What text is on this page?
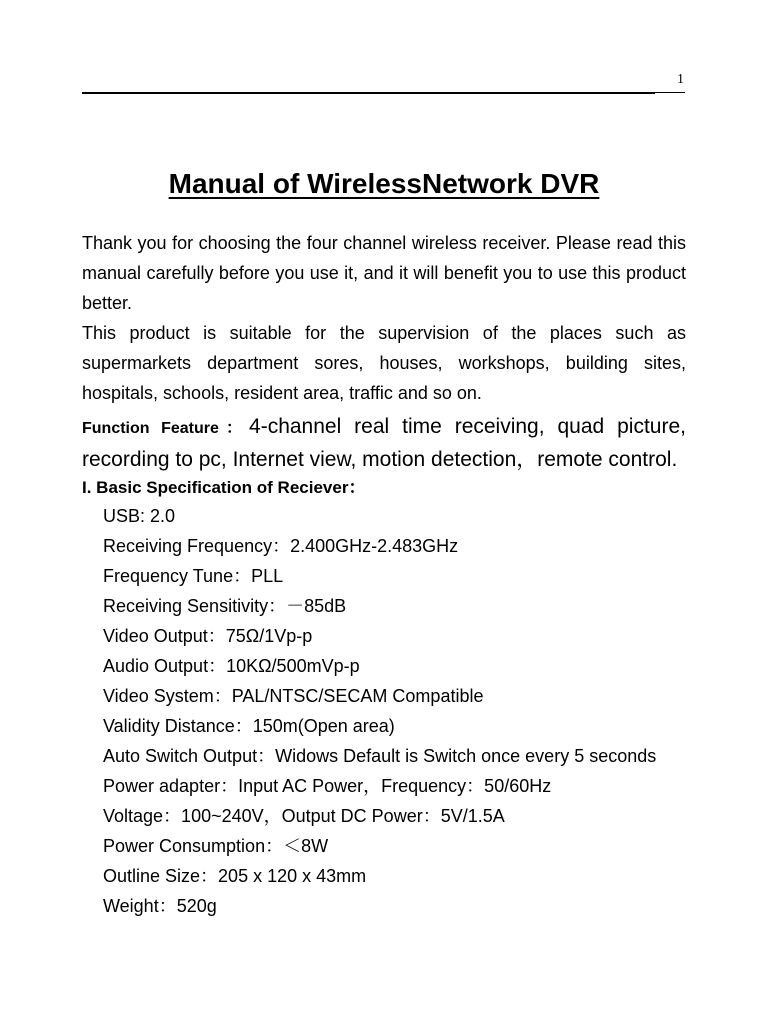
1
Manual of WirelessNetwork DVR

Thank you for choosing the four channel wireless receiver. Please read this manual carefully before you use it, and it will benefit you to use this product better.

This product is suitable for the supervision of the places such as supermarkets department sores, houses, workshops, building sites, hospitals, schools, resident area, traffic and so on.

Function Feature：4-channel real time receiving, quad picture, recording to pc, Internet view, motion detection，remote control.

I. Basic Specification of Reciever：
USB: 2.0
Receiving Frequency：2.400GHz-2.483GHz
Frequency Tune：PLL
Receiving Sensitivity：－85dB
Video Output：75Ω/1Vp-p
Audio Output：10KΩ/500mVp-p
Video System：PAL/NTSC/SECAM Compatible
Validity Distance：150m(Open area)
Auto Switch Output：Widows Default is Switch once every 5 seconds
Power adapter：Input AC Power，Frequency：50/60Hz
Voltage：100~240V，Output DC Power：5V/1.5A
Power Consumption：＜8W
Outline Size：205 x 120 x 43mm
Weight：520g
